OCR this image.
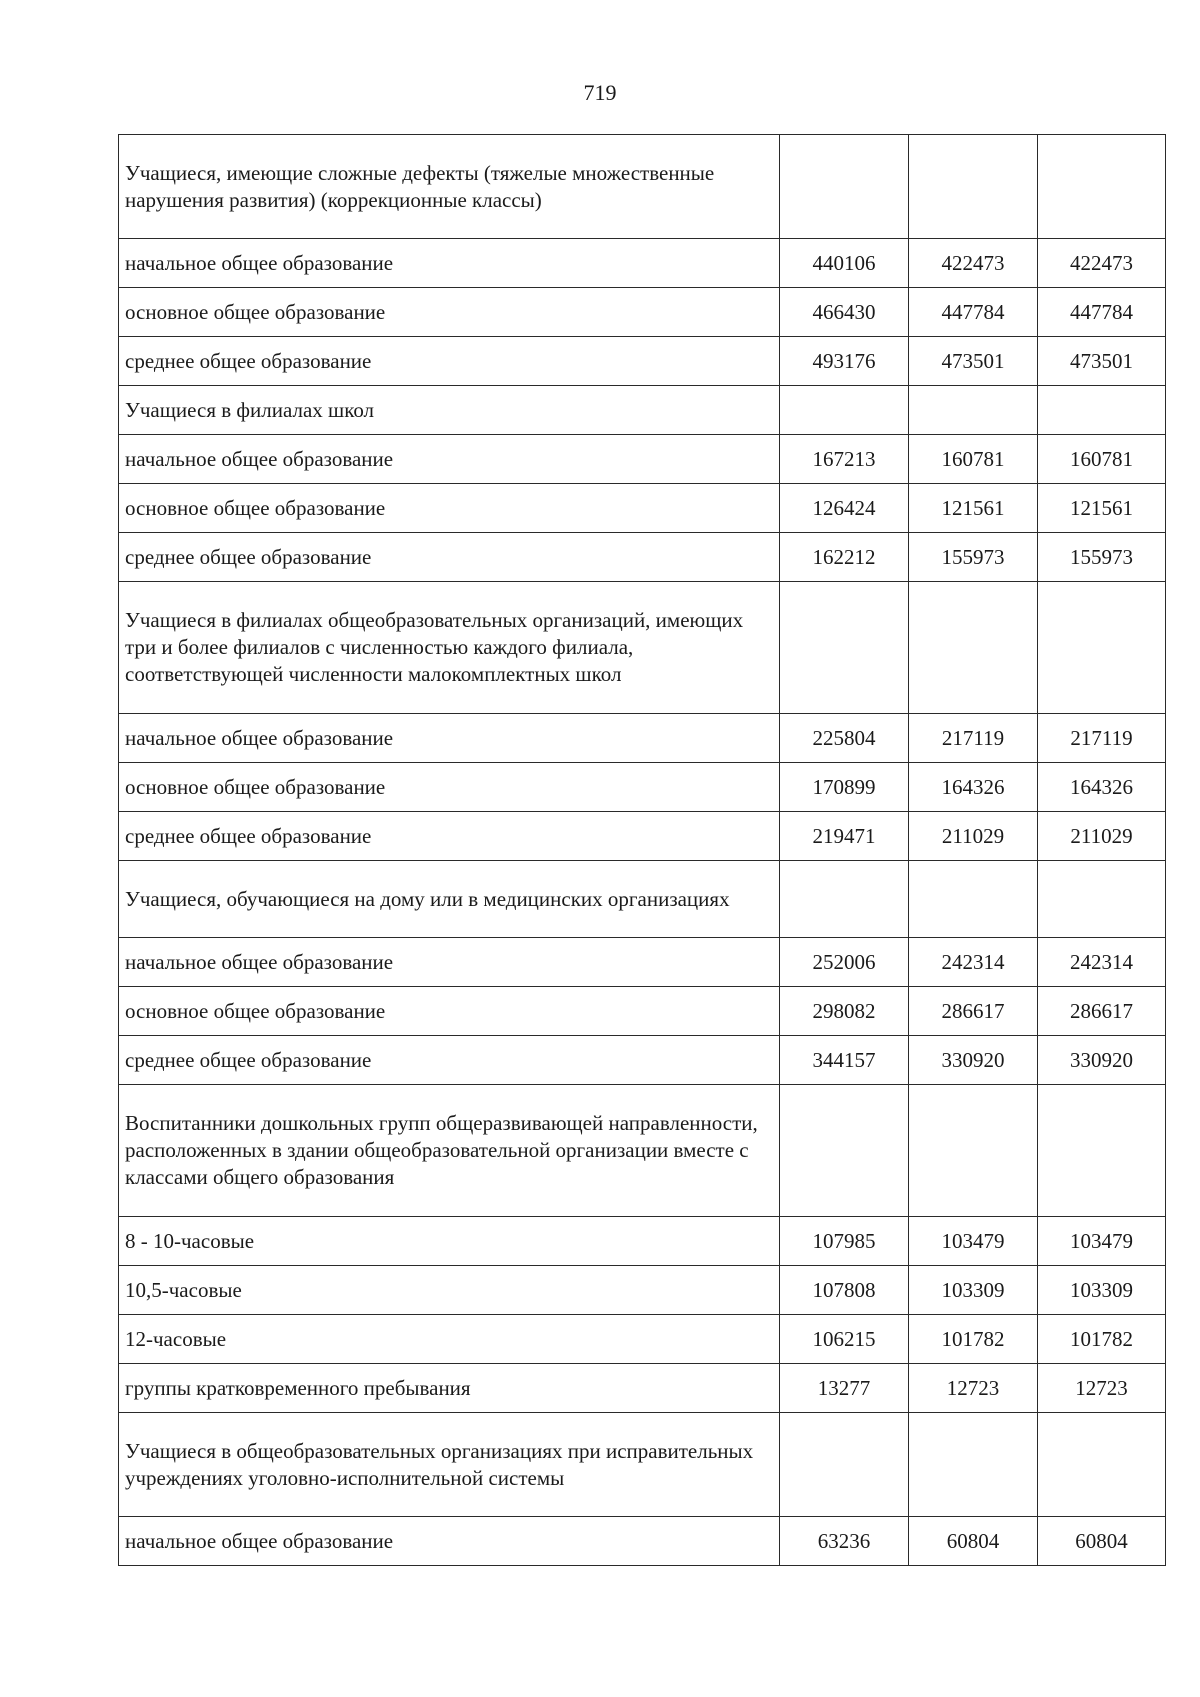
719
Учащиеся, имеющие сложные дефекты (тяжелые множественные нарушения развития) (коррекционные классы)			
начальное общее образование	440106	422473	422473
основное общее образование	466430	447784	447784
среднее общее образование	493176	473501	473501
Учащиеся в филиалах школ			
начальное общее образование	167213	160781	160781
основное общее образование	126424	121561	121561
среднее общее образование	162212	155973	155973
Учащиеся в филиалах общеобразовательных организаций, имеющих три и более филиалов с численностью каждого филиала, соответствующей численности малокомплектных школ			
начальное общее образование	225804	217119	217119
основное общее образование	170899	164326	164326
среднее общее образование	219471	211029	211029
Учащиеся, обучающиеся на дому или в медицинских организациях			
начальное общее образование	252006	242314	242314
основное общее образование	298082	286617	286617
среднее общее образование	344157	330920	330920
Воспитанники дошкольных групп общеразвивающей направленности, расположенных в здании общеобразовательной организации вместе с классами общего образования			
8 - 10-часовые	107985	103479	103479
10,5-часовые	107808	103309	103309
12-часовые	106215	101782	101782
группы кратковременного пребывания	13277	12723	12723
Учащиеся в общеобразовательных организациях при исправительных учреждениях уголовно-исполнительной системы			
начальное общее образование	63236	60804	60804
